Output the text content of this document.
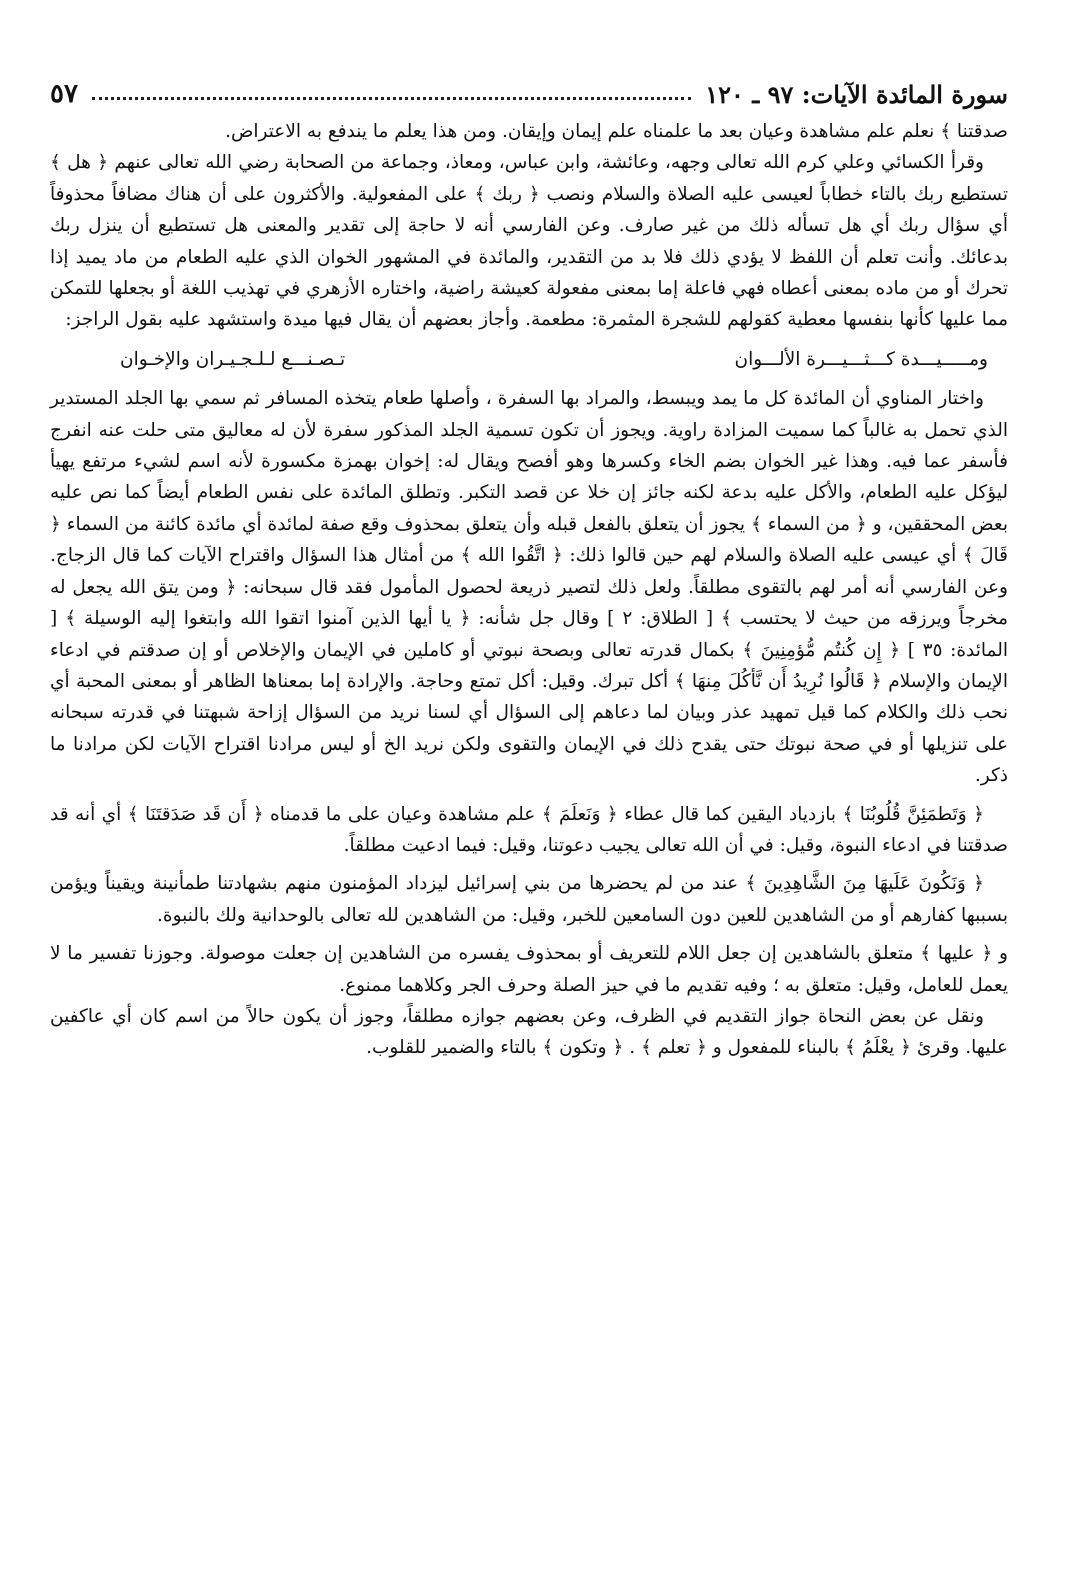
سورة المائدة الآيات: ٩٧ ـ ١٢٠
٥٧

صدقتنا ﴾ نعلم علم مشاهدة وعيان بعد ما علمناه علم إيمان وإيقان. ومن هذا يعلم ما يندفع به الاعتراض.

وقرأ الكسائي وعلي كرم الله تعالى وجهه، وعائشة، وابن عباس، ومعاذ، وجماعة من الصحابة رضي الله تعالى عنهم ﴿ هل ﴾ تستطيع ربك بالتاء خطاباً لعيسى عليه الصلاة والسلام ونصب ﴿ ربك ﴾ على المفعولية. والأكثرون على أن هناك مضافاً محذوفاً أي سؤال ربك أي هل تسأله ذلك من غير صارف. وعن الفارسي أنه لا حاجة إلى تقدير والمعنى هل تستطيع أن ينزل ربك بدعائك. وأنت تعلم أن اللفظ لا يؤدي ذلك فلا بد من التقدير، والمائدة في المشهور الخوان الذي عليه الطعام من ماد يميد إذا تحرك أو من ماده بمعنى أعطاه فهي فاعلة إما بمعنى مفعولة كعيشة راضية، واختاره الأزهري في تهذيب اللغة أو بجعلها للتمكن مما عليها كأنها بنفسها معطية كقولهم للشجرة المثمرة: مطعمة. وأجاز بعضهم أن يقال فيها ميدة واستشهد عليه بقول الراجز:

ومـــــيـــدة كـــثـــيـــرة الألـــوان
تـصـنـــع لـلـجـيـران والإخـوان

واختار المناوي أن المائدة كل ما يمد ويبسط، والمراد بها السفرة ، وأصلها طعام يتخذه المسافر ثم سمي بها الجلد المستدير الذي تحمل به غالباً كما سميت المزادة راوية. ويجوز أن تكون تسمية الجلد المذكور سفرة لأن له معاليق متى حلت عنه انفرج فأسفر عما فيه. وهذا غير الخوان بضم الخاء وكسرها وهو أفصح ويقال له: إخوان بهمزة مكسورة لأنه اسم لشيء مرتفع يهيأ ليؤكل عليه الطعام، والأكل عليه بدعة لكنه جائز إن خلا عن قصد التكبر. وتطلق المائدة على نفس الطعام أيضاً كما نص عليه بعض المحققين، و ﴿ من السماء ﴾ يجوز أن يتعلق بالفعل قبله وأن يتعلق بمحذوف وقع صفة لمائدة أي مائدة كائنة من السماء ﴿ قَالَ ﴾ أي عيسى عليه الصلاة والسلام لهم حين قالوا ذلك: ﴿ اتَّقُوا الله ﴾ من أمثال هذا السؤال واقتراح الآيات كما قال الزجاج. وعن الفارسي أنه أمر لهم بالتقوى مطلقاً. ولعل ذلك لتصير ذريعة لحصول المأمول فقد قال سبحانه: ﴿ ومن يتق الله يجعل له مخرجاً ويرزقه من حيث لا يحتسب ﴾ [ الطلاق: ٢ ] وقال جل شأنه: ﴿ يا أيها الذين آمنوا اتقوا الله وابتغوا إليه الوسيلة ﴾ [ المائدة: ٣٥ ] ﴿ إِن كُنتُم مُّؤمِنِينَ ﴾ بكمال قدرته تعالى وبصحة نبوتي أو كاملين في الإيمان والإخلاص أو إن صدقتم في ادعاء الإيمان والإسلام ﴿ قَالُوا نُرِيدُ أَن نَّأكُلَ مِنهَا ﴾ أكل تبرك. وقيل: أكل تمتع وحاجة. والإرادة إما بمعناها الظاهر أو بمعنى المحبة أي نحب ذلك والكلام كما قيل تمهيد عذر وبيان لما دعاهم إلى السؤال أي لسنا نريد من السؤال إزاحة شبهتنا في قدرته سبحانه على تنزيلها أو في صحة نبوتك حتى يقدح ذلك في الإيمان والتقوى ولكن نريد الخ أو ليس مرادنا اقتراح الآيات لكن مرادنا ما ذكر.

﴿ وَتَطمَئِنَّ قُلُوبُنَا ﴾ بازدياد اليقين كما قال عطاء ﴿ وَنَعلَمَ ﴾ علم مشاهدة وعيان على ما قدمناه ﴿ أَن قَد صَدَقتَنَا ﴾ أي أنه قد صدقتنا في ادعاء النبوة، وقيل: في أن الله تعالى يجيب دعوتنا، وقيل: فيما ادعيت مطلقاً.

﴿ وَنَكُونَ عَلَيهَا مِنَ الشَّاهِدِينَ ﴾ عند من لم يحضرها من بني إسرائيل ليزداد المؤمنون منهم بشهادتنا طمأنينة ويقيناً ويؤمن بسببها كفارهم أو من الشاهدين للعين دون السامعين للخبر، وقيل: من الشاهدين لله تعالى بالوحدانية ولك بالنبوة.

و ﴿ عليها ﴾ متعلق بالشاهدين إن جعل اللام للتعريف أو بمحذوف يفسره من الشاهدين إن جعلت موصولة. وجوزنا تفسير ما لا يعمل للعامل، وقيل: متعلق به ؛ وفيه تقديم ما في حيز الصلة وحرف الجر وكلاهما ممنوع.

ونقل عن بعض النحاة جواز التقديم في الظرف، وعن بعضهم جوازه مطلقاً، وجوز أن يكون حالاً من اسم كان أي عاكفين عليها. وقرئ ﴿ يعْلَمُ ﴾ بالبناء للمفعول و ﴿ تعلم ﴾ . ﴿ وتكون ﴾ بالتاء والضمير للقلوب.
